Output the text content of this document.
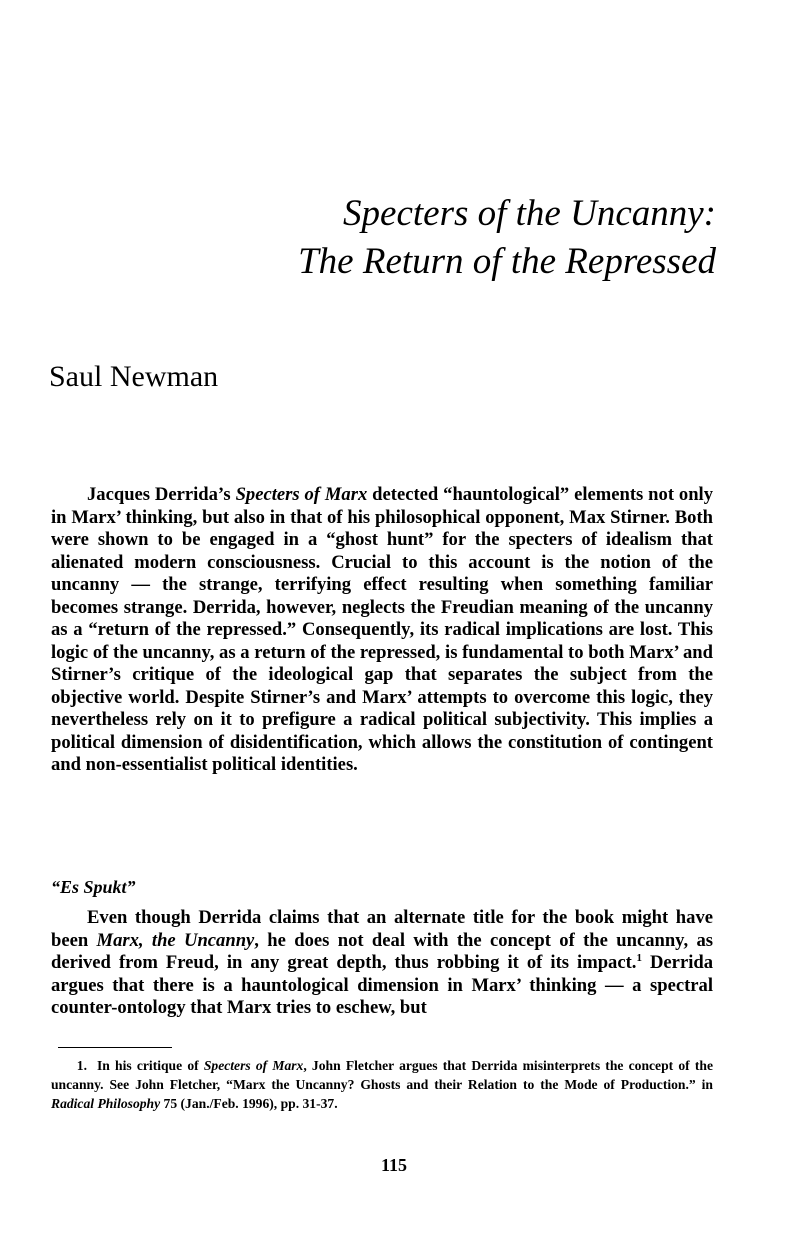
Specters of the Uncanny:
The Return of the Repressed
Saul Newman

Jacques Derrida’s Specters of Marx detected “hauntological” elements not only in Marx’ thinking, but also in that of his philosophical opponent, Max Stirner. Both were shown to be engaged in a “ghost hunt” for the specters of idealism that alienated modern consciousness. Crucial to this account is the notion of the uncanny — the strange, terrifying effect resulting when something familiar becomes strange. Derrida, however, neglects the Freudian meaning of the uncanny as a “return of the repressed.” Consequently, its radical implications are lost. This logic of the uncanny, as a return of the repressed, is fundamental to both Marx’ and Stirner’s critique of the ideological gap that separates the subject from the objective world. Despite Stirner’s and Marx’ attempts to overcome this logic, they nevertheless rely on it to prefigure a radical political subjectivity. This implies a political dimension of disidentification, which allows the constitution of contingent and non-essentialist political identities.

“Es Spukt”

Even though Derrida claims that an alternate title for the book might have been Marx, the Uncanny, he does not deal with the concept of the uncanny, as derived from Freud, in any great depth, thus robbing it of its impact.$^1$ Derrida argues that there is a hauntological dimension in Marx’ thinking — a spectral counter-ontology that Marx tries to eschew, but

1. In his critique of Specters of Marx, John Fletcher argues that Derrida misinterprets the concept of the uncanny. See John Fletcher, “Marx the Uncanny? Ghosts and their Relation to the Mode of Production.” in Radical Philosophy 75 (Jan./Feb. 1996), pp. 31-37.
115
